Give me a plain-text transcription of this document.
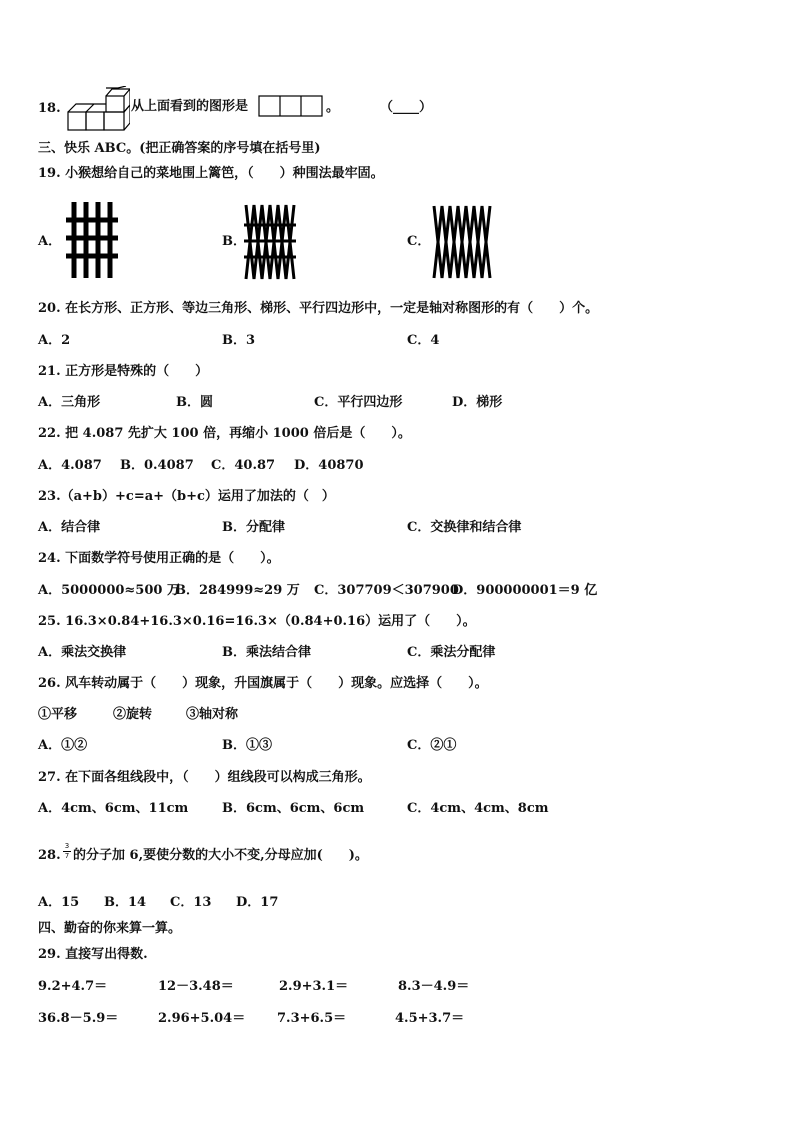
18.	从上面看到的图形是	。	（____）
三、快乐 ABC。(把正确答案的序号填在括号里)
19. 小猴想给自己的菜地围上篱笆，（　　）种围法最牢固。
A．	B．	C．
20. 在长方形、正方形、等边三角形、梯形、平行四边形中，一定是轴对称图形的有（　　）个。
A．2	B．3	C．4
21. 正方形是特殊的（　　）
A．三角形	B．圆	C．平行四边形	D．梯形
22. 把 4.087 先扩大 100 倍，再缩小 1000 倍后是（　　）。
A．4.087 B．0.4087 C．40.87 D．40870
23.（a+b）+c=a+（b+c）运用了加法的（　）
A．结合律	B．分配律	C．交换律和结合律
24. 下面数学符号使用正确的是（　　）。
A．5000000≈500 万
B．284999≈29 万 C．307709＜307900
D．900000001＝9 亿
25. 16.3×0.84+16.3×0.16=16.3×（0.84+0.16）运用了（　　）。
A．乘法交换律	B．乘法结合律	C．乘法分配律
26. 风车转动属于（　　）现象，升国旗属于（　　）现象。应选择（　　）。
①平移	②旋转	③轴对称
A．①②	B．①③	C．②①
27. 在下面各组线段中，（　　）组线段可以构成三角形。
A．4cm、6cm、11cm	B．6cm、6cm、6cm	C．4cm、4cm、8cm
28.
3
7 的分子加 6,要使分数的大小不变,分母应加(　　)。
A．15 B．14 C．13 D．17
四、勤奋的你来算一算。
29. 直接写出得数.
9.2+4.7＝	12－3.48＝	2.9+3.1＝	8.3－4.9＝
36.8－5.9＝	2.96+5.04＝ 7.3+6.5＝	4.5+3.7＝
